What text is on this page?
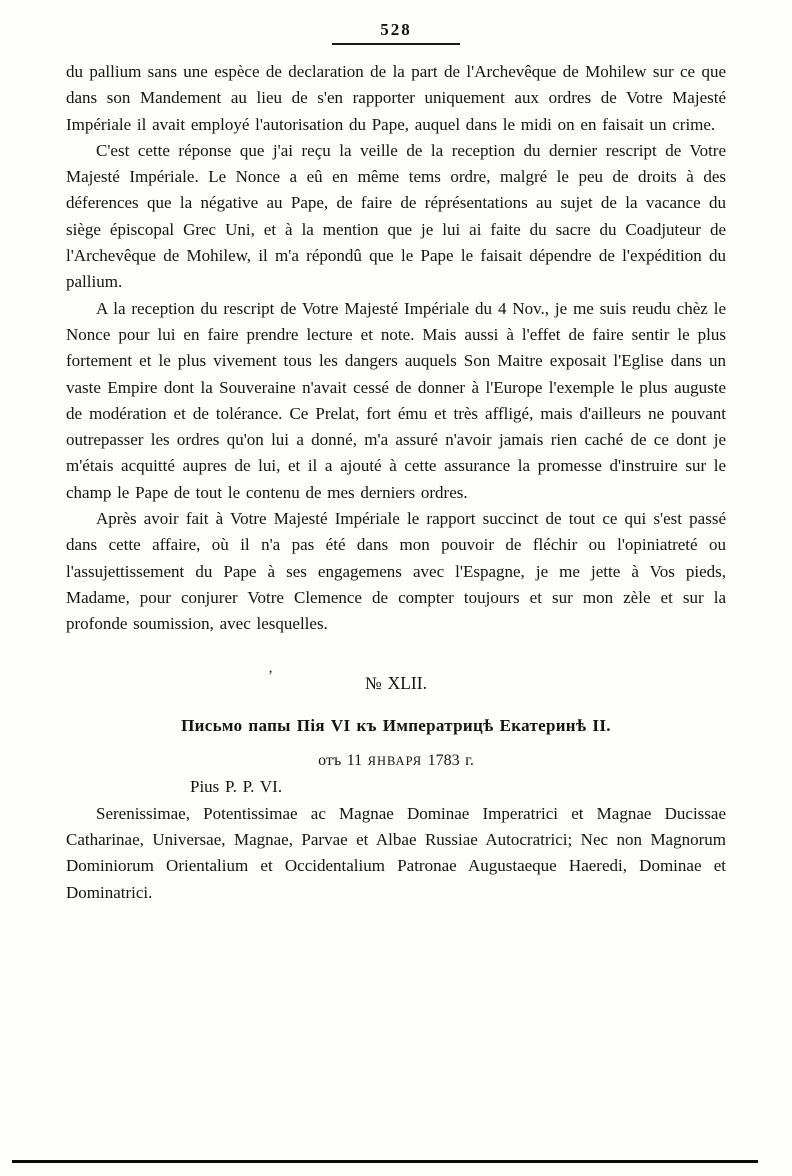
528

du pallium sans une espèce de declaration de la part de l'Archevêque de Mohilew sur ce que dans son Mandement au lieu de s'en rapporter uniquement aux ordres de Votre Majesté Impériale il avait employé l'autorisation du Pape, auquel dans le midi on en faisait un crime.

C'est cette réponse que j'ai reçu la veille de la reception du dernier rescript de Votre Majesté Impériale. Le Nonce a eû en même tems ordre, malgré le peu de droits à des déferences que la négative au Pape, de faire de réprésentations au sujet de la vacance du siège épiscopal Grec Uni, et à la mention que je lui ai faite du sacre du Coadjuteur de l'Archevêque de Mohilew, il m'a répondû que le Pape le faisait dépendre de l'expédition du pallium.

A la reception du rescript de Votre Majesté Impériale du 4 Nov., je me suis reudu chèz le Nonce pour lui en faire prendre lecture et note. Mais aussi à l'effet de faire sentir le plus fortement et le plus vivement tous les dangers auquels Son Maitre exposait l'Eglise dans un vaste Empire dont la Souveraine n'avait cessé de donner à l'Europe l'exemple le plus auguste de modération et de tolérance. Ce Prelat, fort ému et très affligé, mais d'ailleurs ne pouvant outrepasser les ordres qu'on lui a donné, m'a assuré n'avoir jamais rien caché de ce dont je m'étais acquitté aupres de lui, et il a ajouté à cette assurance la promesse d'instruire sur le champ le Pape de tout le contenu de mes derniers ordres.

Après avoir fait à Votre Majesté Impériale le rapport succinct de tout ce qui s'est passé dans cette affaire, où il n'a pas été dans mon pouvoir de fléchir ou l'opiniatreté ou l'assujettissement du Pape à ses engagemens avec l'Espagne, je me jette à Vos pieds, Madame, pour conjurer Votre Clemence de compter toujours et sur mon zèle et sur la profonde soumission, avec lesquelles.

’	№ XLII.
Письмо папы Пія VI къ Императрицѣ Екатеринѣ II.
отъ 11 ЯНВАРЯ 1783 г.

Pius P. P. VI.

Serenissimae, Potentissimae ac Magnae Dominae Imperatrici et Magnae Ducissae Catharinae, Universae, Magnae, Parvae et Albae Russiae Autocratrici; Nec non Magnorum Dominiorum Orientalium et Occidentalium Patronae Augustaeque Haeredi, Dominae et Dominatrici.
